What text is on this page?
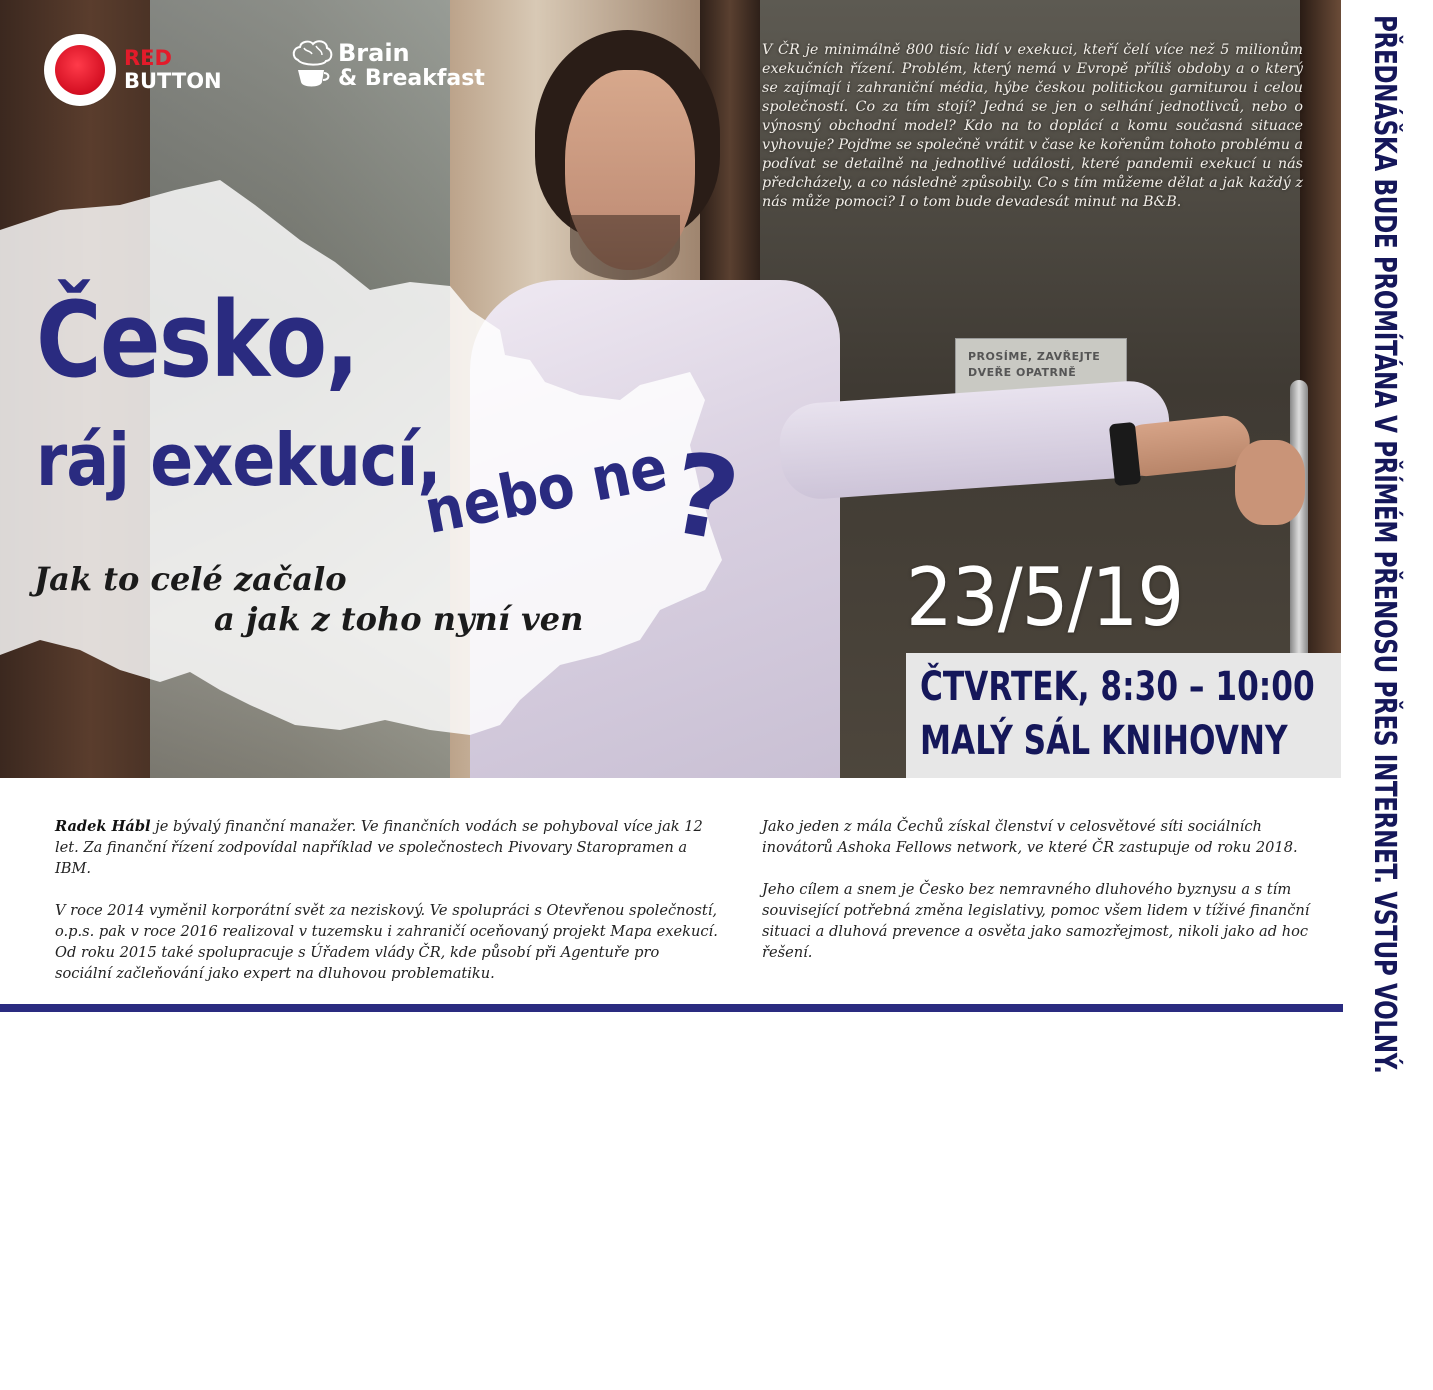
PROSÍME, ZAVŘEJTE
DVEŘE OPATRNĚ
RED
BUTTON
Brain
& Breakfast
V ČR je minimálně 800 tisíc lidí v exekuci, kteří čelí více než 5 milionům exekučních řízení. Problém, který nemá v Evropě příliš obdoby a o který se zajímají i zahraniční média, hýbe českou politickou garniturou i celou společností. Co za tím stojí? Jedná se jen o selhání jednotlivců, nebo o výnosný obchodní model? Kdo na to doplácí a komu současná situace vyhovuje? Pojďme se společně vrátit v čase ke kořenům tohoto problému a podívat se detailně na jednotlivé události, které pandemii exekucí u nás předcházely, a co následně způsobily. Co s tím můžeme dělat a jak každý z nás může pomoci? I o tom bude devadesát minut na B&B.
Česko,
ráj exekucí,
nebo ne
?
Jak to celé začalo
a jak z toho nyní ven	23/5/19
ČTVRTEK, 8:30 – 10:00
MALÝ SÁL KNIHOVNY	PŘEDNÁŠKA BUDE PROMÍTÁNA V PŘÍMÉM PŘENOSU PŘES INTERNET. VSTUP VOLNÝ.

Radek Hábl je bývalý finanční manažer. Ve finančních vodách se pohyboval více jak 12 let. Za finanční řízení zodpovídal například ve společnostech Pivovary Staropramen a IBM.

V roce 2014 vyměnil korporátní svět za neziskový. Ve spolupráci s Otevřenou společností, o.p.s. pak v roce 2016 realizoval v tuzemsku i zahraničí oceňovaný projekt Mapa exekucí. Od roku 2015 také spolupracuje s Úřadem vlády ČR, kde působí při Agentuře pro sociální začleňování jako expert na dluhovou problematiku.

Jako jeden z mála Čechů získal členství v celosvětové síti sociálních inovátorů Ashoka Fellows network, ve které ČR zastupuje od roku 2018.

Jeho cílem a snem je Česko bez nemravného dluhového byznysu a s tím související potřebná změna legislativy, pomoc všem lidem v tíživé finanční situaci a dluhová prevence a osvěta jako samozřejmost, nikoli jako ad hoc řešení.
